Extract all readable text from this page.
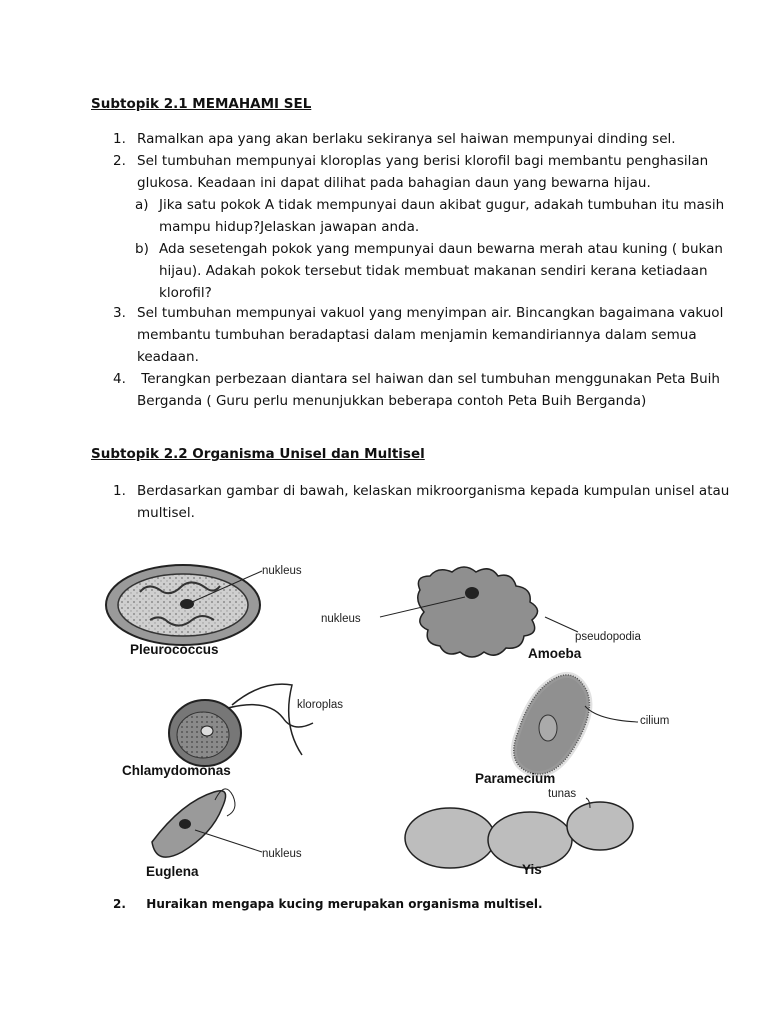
Subtopik 2.1 MEMAHAMI SEL
1. Ramalkan apa yang akan berlaku sekiranya sel haiwan mempunyai dinding sel.
2. Sel tumbuhan mempunyai kloroplas yang berisi klorofil bagi membantu penghasilan
glukosa. Keadaan ini dapat dilihat pada bahagian daun yang bewarna hijau.
a) Jika satu pokok A tidak mempunyai daun akibat gugur, adakah tumbuhan itu masih
mampu hidup?Jelaskan jawapan anda.
b) Ada sesetengah pokok yang mempunyai daun bewarna merah atau kuning ( bukan
hijau). Adakah pokok tersebut tidak membuat makanan sendiri kerana ketiadaan
klorofil?
3. Sel tumbuhan mempunyai vakuol yang menyimpan air. Bincangkan bagaimana vakuol
membantu tumbuhan beradaptasi dalam menjamin kemandiriannya dalam semua
keadaan.
4. Terangkan perbezaan diantara sel haiwan dan sel tumbuhan menggunakan Peta Buih
Berganda ( Guru perlu menunjukkan beberapa contoh Peta Buih Berganda)
Subtopik 2.2 Organisma Unisel dan Multisel
1. Berdasarkan gambar di bawah, kelaskan mikroorganisma kepada kumpulan unisel atau
multisel.
nukleus
Pleurococcus
nukleus
pseudopodia
Amoeba
kloroplas
Chlamydomonas
cilium
Paramecium
nukleus
Euglena
tunas
Yis
2. Huraikan mengapa kucing merupakan organisma multisel.
